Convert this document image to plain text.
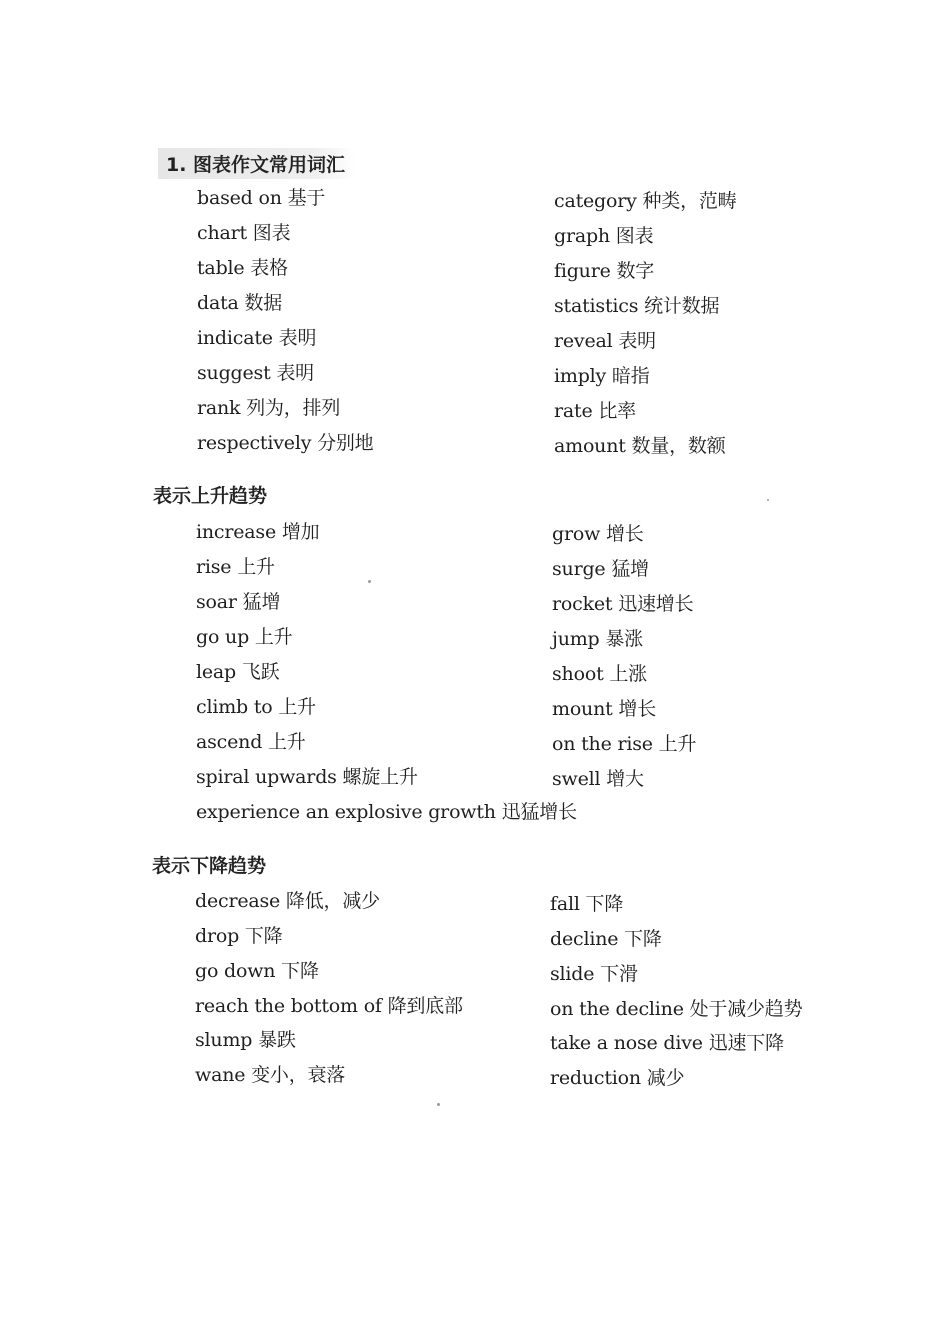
1. 图表作文常用词汇
based on 基于
chart 图表
table 表格
data 数据
indicate 表明
suggest 表明
rank 列为，排列
respectively 分别地
category 种类，范畴
graph 图表
figure 数字
statistics 统计数据
reveal 表明
imply 暗指
rate 比率
amount 数量，数额
表示上升趋势
increase 增加
rise 上升
soar 猛增
go up 上升
leap 飞跃
climb to 上升
ascend 上升
spiral upwards 螺旋上升
grow 增长
surge 猛增
rocket 迅速增长
jump 暴涨
shoot 上涨
mount 增长
on the rise 上升
swell 增大
experience an explosive growth 迅猛增长
表示下降趋势
decrease 降低，减少
drop 下降
go down 下降
reach the bottom of 降到底部
slump 暴跌
wane 变小，衰落
fall 下降
decline 下降
slide 下滑
on the decline 处于减少趋势
take a nose dive 迅速下降
reduction 减少
